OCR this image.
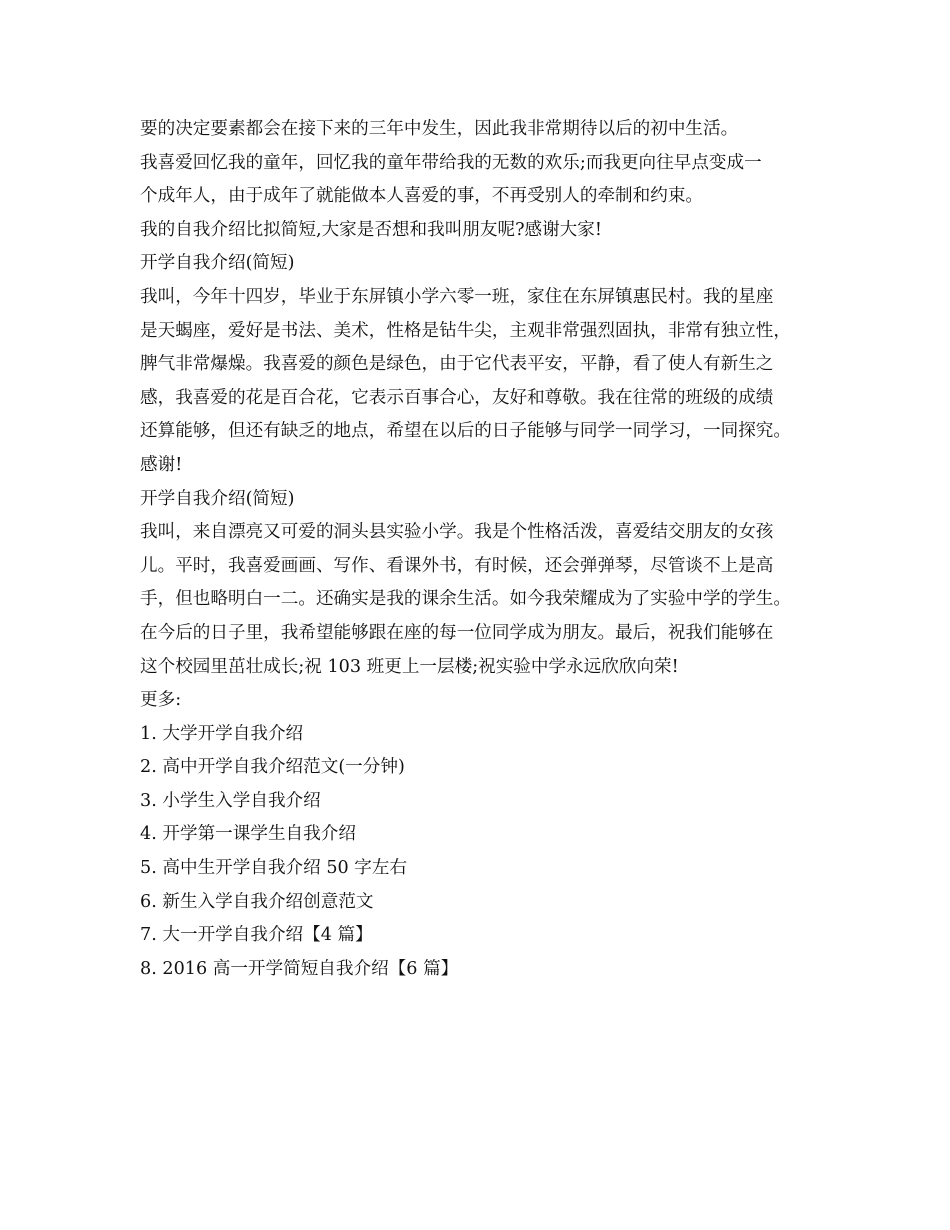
要的决定要素都会在接下来的三年中发生，因此我非常期待以后的初中生活。
我喜爱回忆我的童年，回忆我的童年带给我的无数的欢乐;而我更向往早点变成一
个成年人，由于成年了就能做本人喜爱的事，不再受别人的牵制和约束。
我的自我介绍比拟简短,大家是否想和我叫朋友呢?感谢大家!
开学自我介绍(简短)
我叫，今年十四岁，毕业于东屏镇小学六零一班，家住在东屏镇惠民村。我的星座
是天蝎座，爱好是书法、美术，性格是钻牛尖，主观非常强烈固执，非常有独立性，
脾气非常爆燥。我喜爱的颜色是绿色，由于它代表平安，平静，看了使人有新生之
感，我喜爱的花是百合花，它表示百事合心，友好和尊敬。我在往常的班级的成绩
还算能够，但还有缺乏的地点，希望在以后的日子能够与同学一同学习，一同探究。
感谢!
开学自我介绍(简短)
我叫，来自漂亮又可爱的洞头县实验小学。我是个性格活泼，喜爱结交朋友的女孩
儿。平时，我喜爱画画、写作、看课外书，有时候，还会弹弹琴，尽管谈不上是高
手，但也略明白一二。还确实是我的课余生活。如今我荣耀成为了实验中学的学生。
在今后的日子里，我希望能够跟在座的每一位同学成为朋友。最后，祝我们能够在
这个校园里茁壮成长;祝 103 班更上一层楼;祝实验中学永远欣欣向荣!
更多:
1. 大学开学自我介绍
2. 高中开学自我介绍范文(一分钟)
3. 小学生入学自我介绍
4. 开学第一课学生自我介绍
5. 高中生开学自我介绍 50 字左右
6. 新生入学自我介绍创意范文
7. 大一开学自我介绍【4 篇】
8. 2016 高一开学简短自我介绍【6 篇】
